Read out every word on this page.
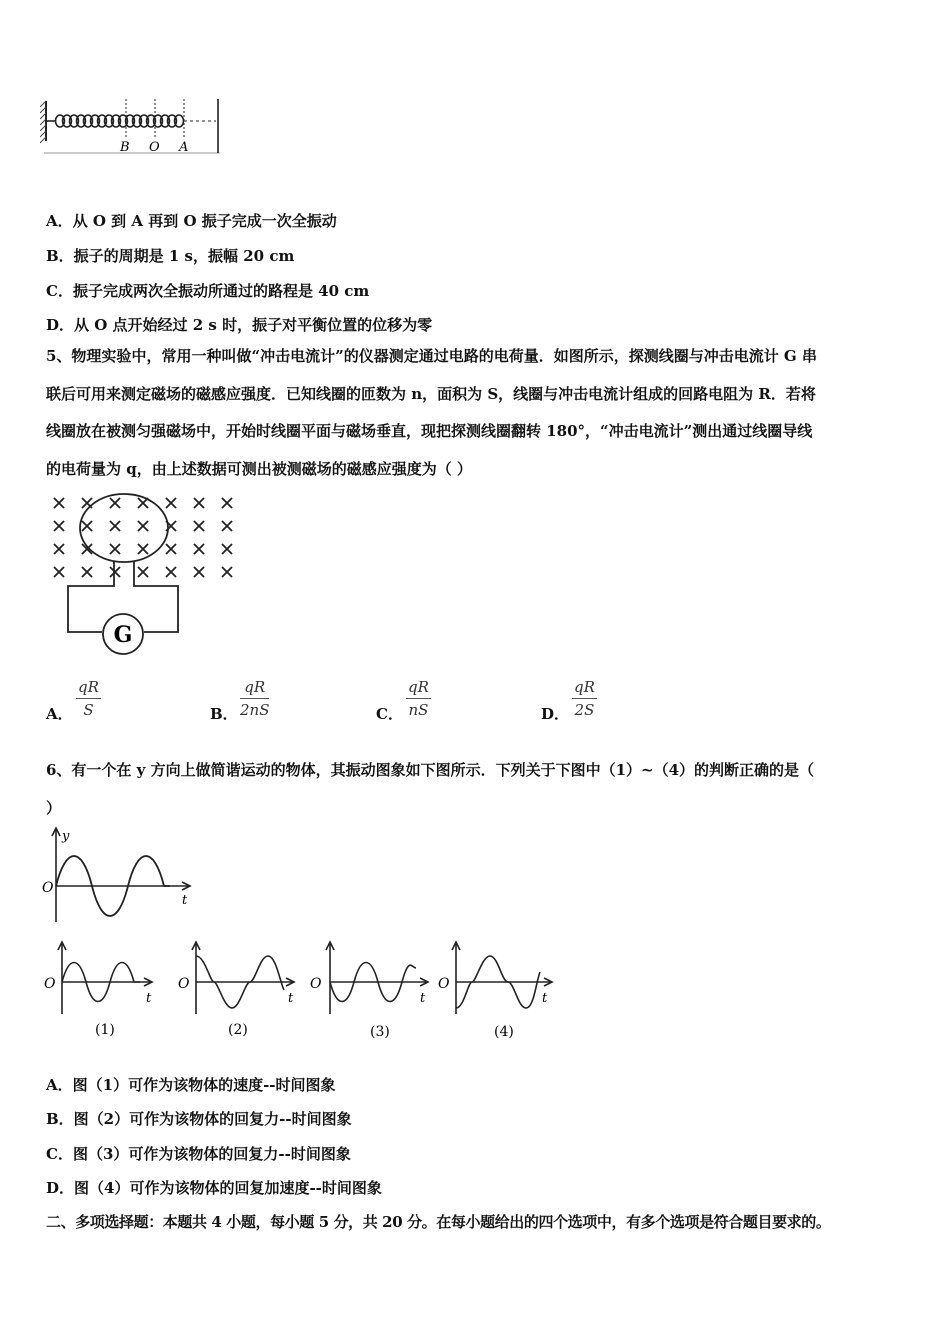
B O A
A．从 O 到 A 再到 O 振子完成一次全振动
B．振子的周期是 1 s，振幅 20 cm
C．振子完成两次全振动所通过的路程是 40 cm
D．从 O 点开始经过 2 s 时，振子对平衡位置的位移为零
5、物理实验中，常用一种叫做“冲击电流计”的仪器测定通过电路的电荷量．如图所示，探测线圈与冲击电流计 G 串
联后可用来测定磁场的磁感应强度．已知线圈的匝数为 n，面积为 S，线圈与冲击电流计组成的回路电阻为 R．若将
线圈放在被测匀强磁场中，开始时线圈平面与磁场垂直，现把探测线圈翻转 180°，“冲击电流计”测出通过线圈导线
的电荷量为 q，由上述数据可测出被测磁场的磁感应强度为（ ）
G
A． $\frac{qR}{S}$	B． $\frac{qR}{2nS}$	C． $\frac{qR}{nS}$	D． $\frac{qR}{2S}$
6、有一个在 y 方向上做简谐运动的物体，其振动图象如下图所示．下列关于下图中（1）~（4）的判断正确的是（
）
y
O
t
O
t
(1)
O
t
(2)
O
t
(3)
O
t
(4)
A．图（1）可作为该物体的速度--时间图象
B．图（2）可作为该物体的回复力--时间图象
C．图（3）可作为该物体的回复力--时间图象
D．图（4）可作为该物体的回复加速度--时间图象
二、多项选择题：本题共 4 小题，每小题 5 分，共 20 分。在每小题给出的四个选项中，有多个选项是符合题目要求的。
